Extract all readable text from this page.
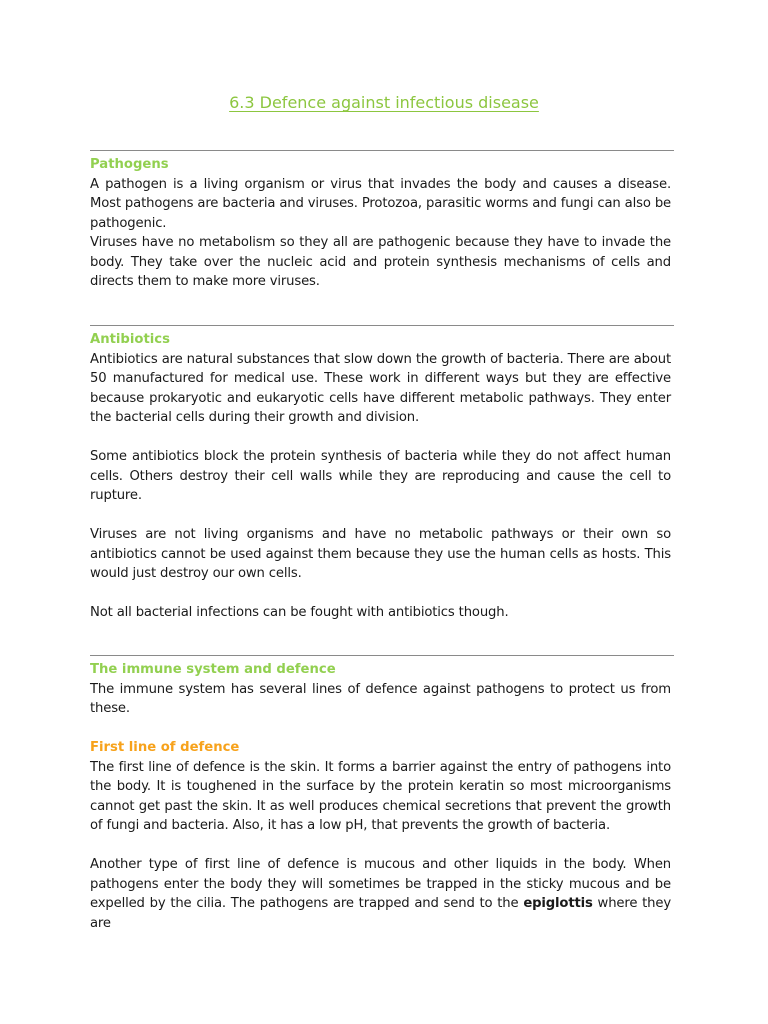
6.3 Defence against infectious disease

Pathogens

A pathogen is a living organism or virus that invades the body and causes a disease. Most pathogens are bacteria and viruses. Protozoa, parasitic worms and fungi can also be pathogenic.

Viruses have no metabolism so they all are pathogenic because they have to invade the body. They take over the nucleic acid and protein synthesis mechanisms of cells and directs them to make more viruses.

Antibiotics

Antibiotics are natural substances that slow down the growth of bacteria. There are about 50 manufactured for medical use. These work in different ways but they are effective because prokaryotic and eukaryotic cells have different metabolic pathways. They enter the bacterial cells during their growth and division.

Some antibiotics block the protein synthesis of bacteria while they do not affect human cells. Others destroy their cell walls while they are reproducing and cause the cell to rupture.

Viruses are not living organisms and have no metabolic pathways or their own so antibiotics cannot be used against them because they use the human cells as hosts. This would just destroy our own cells.

Not all bacterial infections can be fought with antibiotics though.

The immune system and defence

The immune system has several lines of defence against pathogens to protect us from these.

First line of defence

The first line of defence is the skin. It forms a barrier against the entry of pathogens into the body. It is toughened in the surface by the protein keratin so most microorganisms cannot get past the skin. It as well produces chemical secretions that prevent the growth of fungi and bacteria. Also, it has a low pH, that prevents the growth of bacteria.

Another type of first line of defence is mucous and other liquids in the body. When pathogens enter the body they will sometimes be trapped in the sticky mucous and be expelled by the cilia. The pathogens are trapped and send to the epiglottis where they are
